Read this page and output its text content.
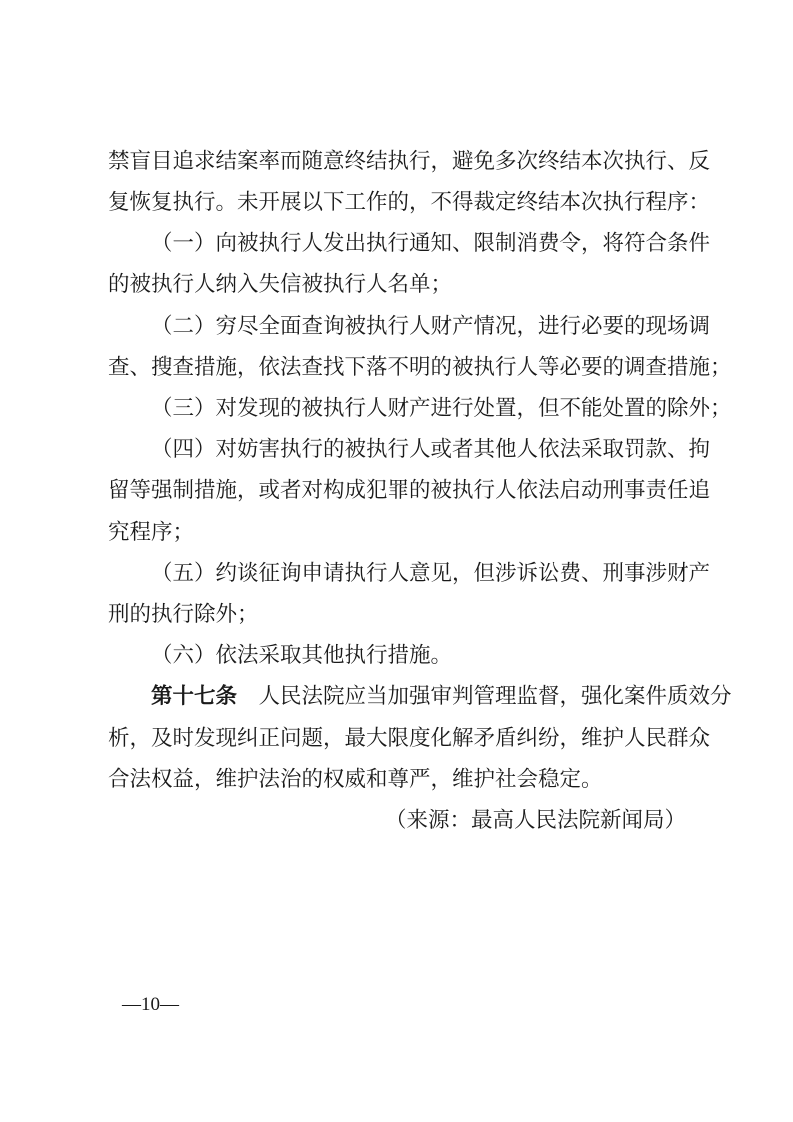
禁盲目追求结案率而随意终结执行，避免多次终结本次执行、反
复恢复执行。未开展以下工作的，不得裁定终结本次执行程序：
（一）向被执行人发出执行通知、限制消费令，将符合条件
的被执行人纳入失信被执行人名单；
（二）穷尽全面查询被执行人财产情况，进行必要的现场调
查、搜查措施，依法查找下落不明的被执行人等必要的调查措施；
（三）对发现的被执行人财产进行处置，但不能处置的除外；
（四）对妨害执行的被执行人或者其他人依法采取罚款、拘
留等强制措施，或者对构成犯罪的被执行人依法启动刑事责任追
究程序；
（五）约谈征询申请执行人意见，但涉诉讼费、刑事涉财产
刑的执行除外；
（六）依法采取其他执行措施。
第十七条  人民法院应当加强审判管理监督，强化案件质效分
析，及时发现纠正问题，最大限度化解矛盾纠纷，维护人民群众
合法权益，维护法治的权威和尊严，维护社会稳定。
（来源：最高人民法院新闻局）
—10—
